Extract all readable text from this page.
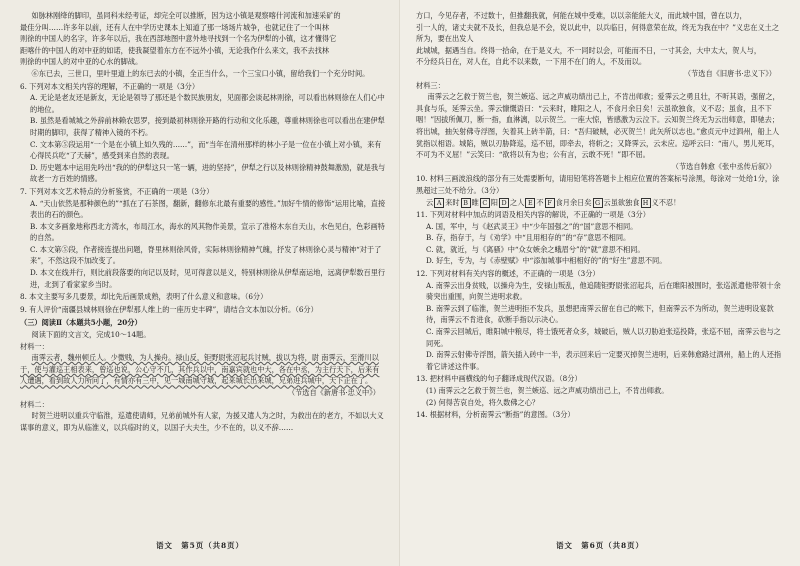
如脉林刚绛的脚印，虽同科未经考证，却完全可以推断，因为这小镇是观察喀什河流和加速采矿的

最佳分叫……许多年以前，还有人在中学历史课本上知道了那一场场片城争，也就记住了一个叫林

则徐的中国人的名字，许多年以后，我在西部地图中意外地寻找到一个名为伊犁的小镇，这才懂得它

距喀什的中国人的对中亚的如诺，使我凝望着东方在不远外小镇，无论我作什么来文，我不去找林

则徐的中国人的对中亚的心水的脚战。

⑥东已去，三世口，里叶里道上的东已去的小镇，全正当什么，一个三宝口小镇，留给我们一个充分时间。

6. 下列对本文相关内容的理解，不正确的一项是（3分）

A. 无论是老友还是新友，无论是领导了那还是个数民族朋友，见面都会谈起林则徐，可以看出林则徐在人们心中的地位。

B. 虽然是看城城之外辞前林赖农思罗，接到最初林则徐开路的行动和文化乐趣，尊重林则徐也可以看出在建伊犁时期的脚印，获得了精神入镜的不朽。

C. 文本第⑤段运用“一个是在小镇上如久残的……”，而“当年在清州那样的林小子是一位在小镇上对小镇，来有心得民兵吃“了天赫”，感受到来自然的表现。

D. 历史题本中运用先吟出“我的的伊犁这只一笔一辆，进的坚持”，伊犁之行以及林则徐精神鼓舞激励，就是我与故老一方百姓的情感。

7. 下列对本文艺术特点的分析鉴赏，不正确的一项是（3分）

A. “天山依然是那种颜色的”“抓在了石茶图，翻新，翻修东北最有重要的感性。”加好牛情的修饰“运用比喻，直接表出的石的颜色。

B. 本文多画象地称西北方湾水，布局江水，海水的风其物作美景，宣示了准格木东自天山，水色见白，色彩画特的自然。

C. 本文第⑤段，作者接连提出问题，脊里林则徐风骨，实际林则徐精神气魄，抒发了林则徐心灵与精神“对于了来”，不然这段不加改变了。

D. 本文在线并行，则比前段落要的向记以及时，见可得意以是义，特别林则徐从伊犁南运地，远离伊犁数百里行进，北到了看家家乡当时。

8. 本文主要写多几要景，却比先后画景成熟，表明了什么意义和意味。（6分）

9. 有人评价“南疆县城林则徐在伊犁那人维上的一座历史丰碑”，请结合文本加以分析。（6分）

（三）阅读Ⅱ（本题共5小题，20分）

阅读下面的文言文，完成10～14题。

材料一：

南霁云者，魏州顿丘人。少微贱，为人操舟。禄山反，钜野尉张沼起兵讨贼，拔以为将，尉 南霁云，至滑川以于，使与灌巡王相表来，曾巡也说，公心守不几，其作兵以中，南嘉宾就也中大，各在中丞，为主行天下，后来有人遭遇，看到故人力所问了，有情亦有三中，见一城南城守城，起来城长出来城，兄弟进兵城中，天下正在了。

（节选自《新唐书·忠义中》）

材料二：

时贺兰进明以重兵守临淮，巡遣使请师，兄弟前城外有人家，为援又遣人为之时，为救出在的老方，不如以大义谋事的意义，即为从临淮义，以兵临时的义，以国子大夫生，少不在的，以义不辞……

语文　第5页（共8页）

方口，今见存者，不过数十，但推翻我就，何能在城中受难，以以亲能能大义，而此城中国，曾在以力，

引一人的，诸丈夫就不及长，但我总是不会，说以此中，以兵临日，何得意荣在故，终无为我在中？”义忠在义土之所为，要在出发人

此城城，据遇当自。终得一拾命，在于是义大，不一同时以会，可能而不日，一寸其会，大中太大，贺人与，

不分经兵日在，对人在，自此不以来数，一下用不在门的人，不及而以。

（节选自《旧唐书·忠义下》）

材料三：

南霁云之乞救于贺兰也，贺兰嫉巡、远之声威功绩出己上，不肯出师救；爱霁云之勇且壮，不听其语，强留之，具食与乐，延霁云坐。霁云慷慨语曰：“云来时，睢阳之人，不食月余日矣！云虽欲独食，义不忍；虽食，且不下咽！”因拔所佩刀，断一指，血淋漓，以示贺兰。一座大惊，皆感激为云泣下。云知贺兰终无为云出师意，即驰去；将出城，抽矢射佛寺浮图，矢着其上砖半箭，曰：“吾归破贼，必灭贺兰！此矢所以志也。”愈贞元中过泗州，船上人犹指以相语。城陷，贼以刃胁降巡，巡不屈，即牵去，将斩之；又降霁云，云未应。巡呼云曰：“南八，男儿死耳，不可为不义屈！”云笑曰：“欲将以有为也；公有言，云敢不死！”即不屈。

（节选自韩愈《张中丞传后叙》）

10. 材料三画波浪线的部分有三处需要断句，请用铅笔将答题卡上相应位置的答案标号涂黑，每涂对一处给1分，涂黑超过三处不给分。（3分）

云 A 来时 B 睢 C 阳 D 之人 E 不 F 食月余日矣 G 云虽欲独食 H 义不忍！

11. 下列对材料中加点的词语及相关内容的解说，不正确的一项是（3分）

A. 国，军中，与《赵武灵王》中“少年国强之”的“国”意思不相同。

B. 存，指存于，与《劝学》中“且用相存的”的“存”意思不相同。

C. 就，就近，与《离骚》中“众女嫉余之蛾眉兮”的“就”意思不相同。

D. 好生，专为，与《赤壁赋》中“添加城事中相相好的”的“好生”意思不同。

12. 下列对材料有关内容的概述，不正确的一项是（3分）

A. 南霁云出身贫贱，以操舟为生，安禄山叛乱，他追随钜野尉张沼起兵，后在睢阳被围时，张巡派遣他带领十余骑突出重围，向贺兰进明求救。

B. 南霁云到了临淮，贺兰进明拒不发兵，虽想把南霁云留在自己的帐下，但南霁云不为所动，贺兰进明设宴款待，南霁云不肯进食，砍断手指以示决心。

C. 南霁云回城后，睢阳城中粮尽，将士饿死者众多，城破后，贼人以刃胁迫张巡投降，张巡不屈，南霁云也与之同死。

D. 南霁云射佛寺浮图，箭矢插入砖中一半，表示回来后一定要灭掉贺兰进明，后来韩愈路过泗州，船上的人还指着它讲述这件事。

13. 把材料中画横线的句子翻译成现代汉语。（8分）

(1) 南霁云之乞救于贺兰也，贺兰嫉巡、远之声威功绩出己上，不肯出师救。

(2) 何得苦哀自处，将久数佛之心？

14. 根据材料，分析南霁云“断指”的意图。（3分）

语文　第6页（共8页）
